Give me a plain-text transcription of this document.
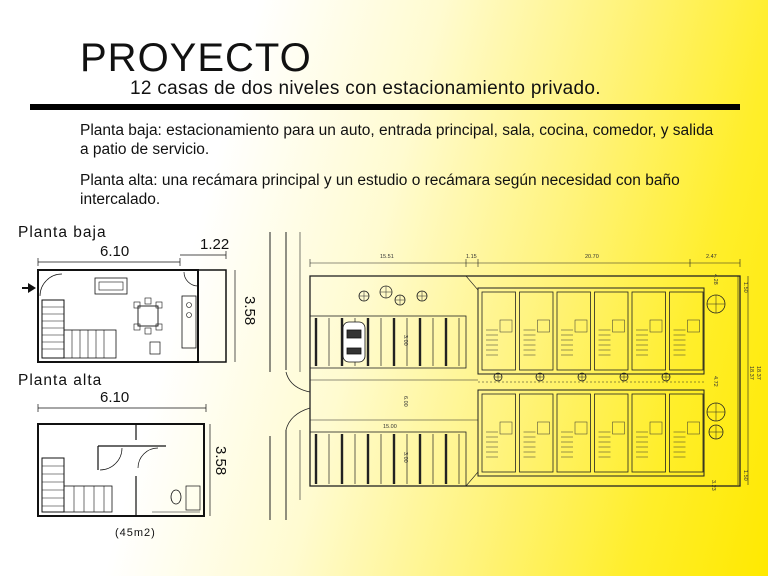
PROYECTO
12 casas de dos niveles con estacionamiento privado.
Planta baja: estacionamiento para un auto, entrada principal, sala, cocina, comedor, y salida a patio de servicio.
Planta alta: una recámara principal y un estudio o recámara según necesidad con baño intercalado.
Planta baja
6.10	1.22
3.58
Planta alta
6.10
3.58
(45m2)
15.51	1.15	20.70	2.47
15.00
6.00
3.00
3.00
1.50
1.50
18.37 18.37
4.72
4.28
3.23
